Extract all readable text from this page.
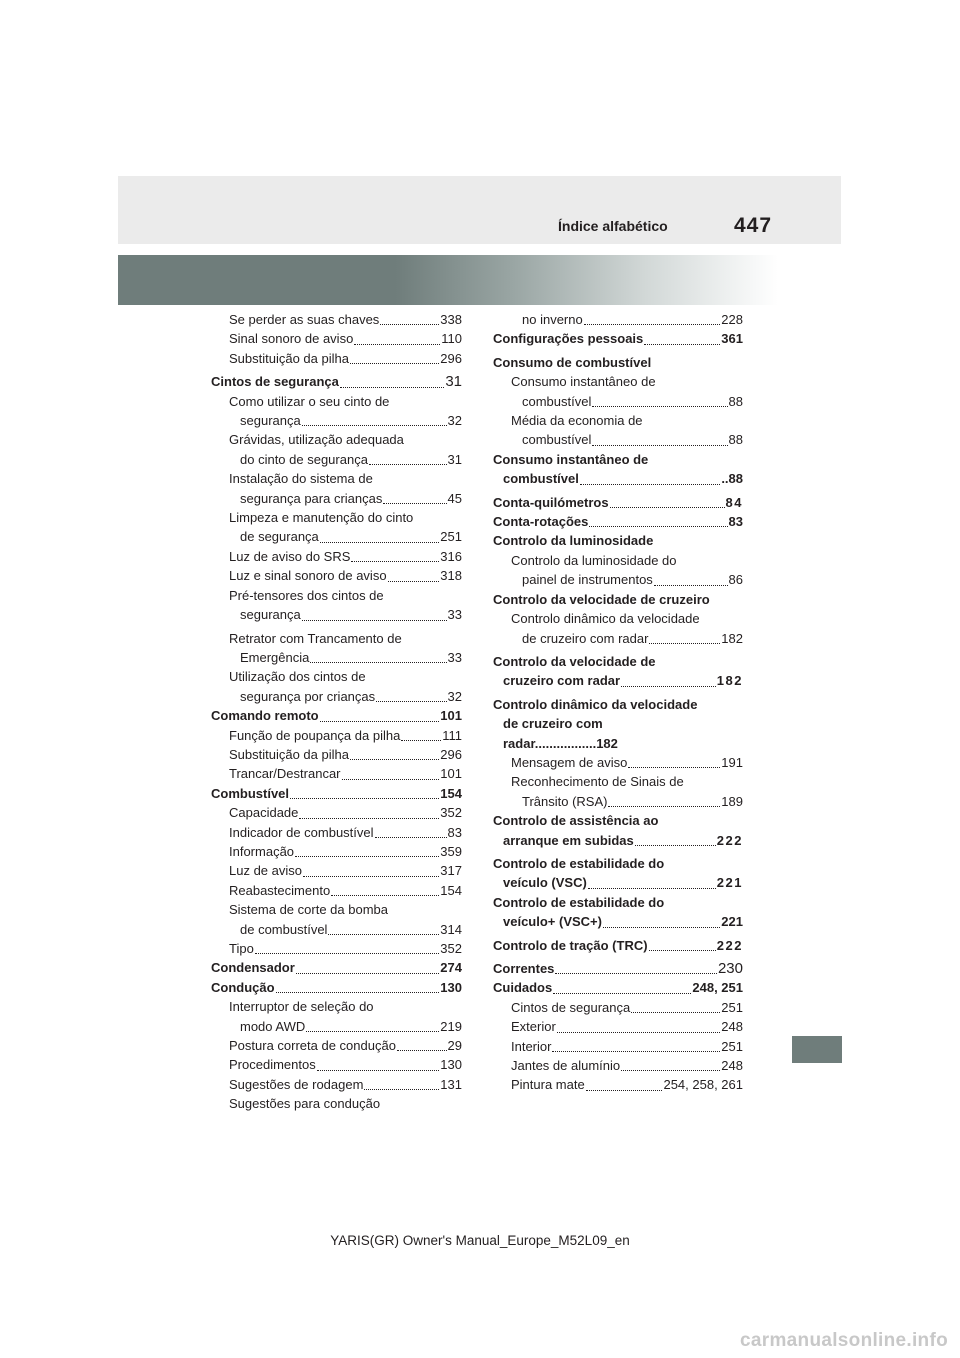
Índice alfabético	447
Se perder as suas chaves	338
Sinal sonoro de aviso	110
Substituição da pilha	296
Cintos de segurança	31
Como utilizar o seu cinto de
segurança	32
Grávidas, utilização adequada
do cinto de segurança	31
Instalação do sistema de
segurança para crianças	45
Limpeza e manutenção do cinto
de segurança	251
Luz de aviso do SRS	316
Luz e sinal sonoro de aviso	318
Pré-tensores dos cintos de
segurança	33
Retrator com Trancamento de
Emergência	33
Utilização dos cintos de
segurança por crianças	32
Comando remoto	101
Função de poupança da pilha	111
Substituição da pilha	296
Trancar/Destrancar	101
Combustível	154
Capacidade	352
Indicador de combustível	83
Informação	359
Luz de aviso	317
Reabastecimento	154
Sistema de corte da bomba
de combustível	314
Tipo	352
Condensador	274
Condução	130
Interruptor de seleção do
modo AWD	219
Postura correta de condução	29
Procedimentos	130
Sugestões de rodagem	131
Sugestões para condução
no inverno	228
Configurações pessoais	361
Consumo de combustível
Consumo instantâneo de
combustível	88
Média da economia de
combustível	88
Consumo instantâneo de
combustível	..88
Conta-quilómetros	84
Conta-rotações	83
Controlo da luminosidade
Controlo da luminosidade do
painel de instrumentos	86
Controlo da velocidade de cruzeiro
Controlo dinâmico da velocidade
de cruzeiro com radar	182
Controlo da velocidade de
cruzeiro com radar	182
Controlo dinâmico da velocidade
de cruzeiro com
radar.................182
Mensagem de aviso	191
Reconhecimento de Sinais de
Trânsito (RSA)	189
Controlo de assistência ao
arranque em subidas	222
Controlo de estabilidade do
veículo (VSC)	221
Controlo de estabilidade do
veículo+ (VSC+)	221
Controlo de tração (TRC)	222
Correntes	230
Cuidados	248, 251
Cintos de segurança	251
Exterior	248
Interior	251
Jantes de alumínio	248
Pintura mate	254, 258, 261
YARIS(GR) Owner's Manual_Europe_M52L09_en
carmanualsonline.info
